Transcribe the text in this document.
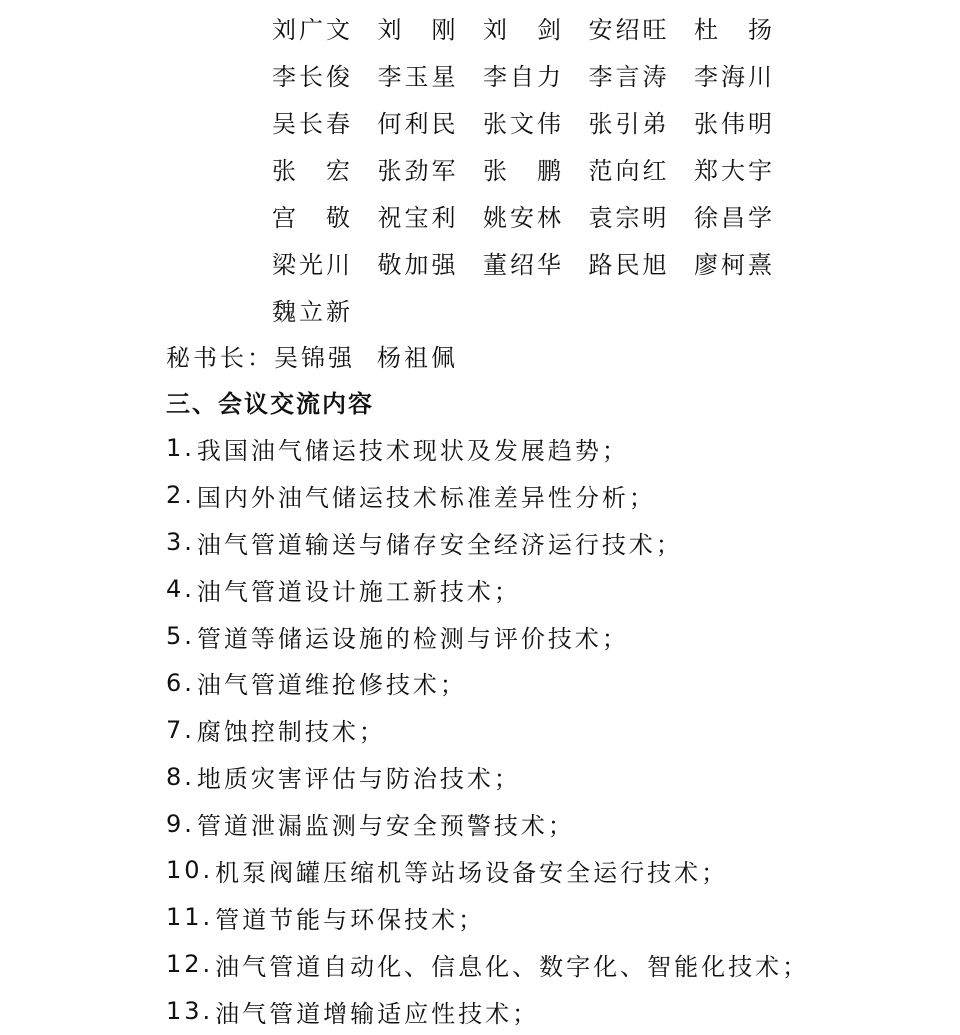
刘广文	刘　刚	刘　剑	安绍旺	杜　扬
李长俊	李玉星	李自力	李言涛	李海川
吴长春	何利民	张文伟	张引弟	张伟明
张　宏	张劲军	张　鹏	范向红	郑大宇
宫　敬	祝宝利	姚安林	袁宗明	徐昌学
梁光川	敬加强	董绍华	路民旭	廖柯熹
魏立新
秘书长： 吴锦强 杨祖佩
三、会议交流内容
1. 我国油气储运技术现状及发展趋势；
2. 国内外油气储运技术标准差异性分析；
3. 油气管道输送与储存安全经济运行技术；
4. 油气管道设计施工新技术；
5. 管道等储运设施的检测与评价技术；
6. 油气管道维抢修技术；
7. 腐蚀控制技术；
8. 地质灾害评估与防治技术；
9. 管道泄漏监测与安全预警技术；
10. 机泵阀罐压缩机等站场设备安全运行技术；
11. 管道节能与环保技术；
12. 油气管道自动化、信息化、数字化、智能化技术；
13. 油气管道增输适应性技术；
